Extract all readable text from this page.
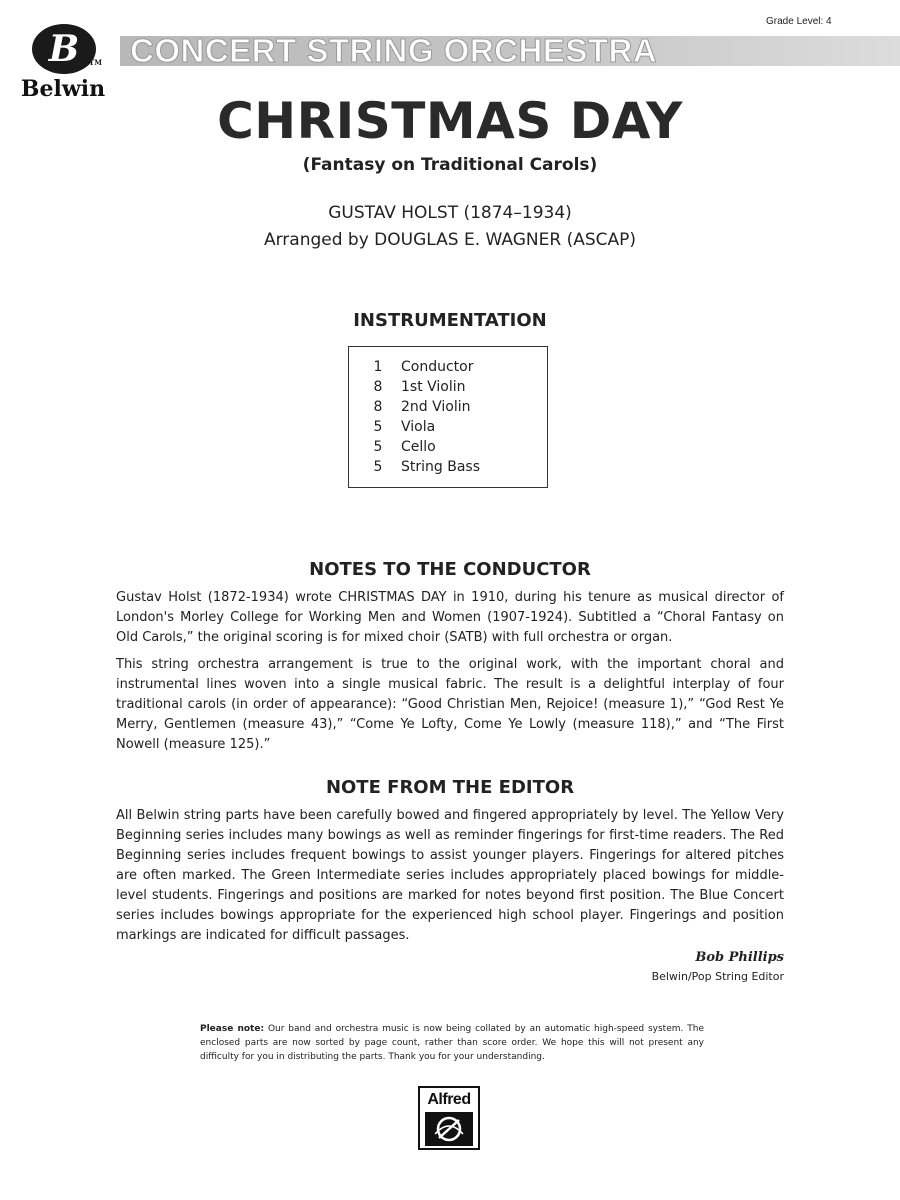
B TM
Belwin
CONCERT STRING ORCHESTRA
Grade Level: 4
CHRISTMAS DAY
(Fantasy on Traditional Carols)
GUSTAV HOLST (1874–1934)
Arranged by DOUGLAS E. WAGNER (ASCAP)
INSTRUMENTATION
1 Conductor
8 1st Violin
8 2nd Violin
5 Viola
5 Cello
5 String Bass
NOTES TO THE CONDUCTOR
Gustav Holst (1872-1934) wrote CHRISTMAS DAY in 1910, during his tenure as musical director of London's Morley College for Working Men and Women (1907-1924). Subtitled a “Choral Fantasy on Old Carols,” the original scoring is for mixed choir (SATB) with full orchestra or organ.
This string orchestra arrangement is true to the original work, with the important choral and instrumental lines woven into a single musical fabric. The result is a delightful interplay of four traditional carols (in order of appearance): “Good Christian Men, Rejoice! (measure 1),” “God Rest Ye Merry, Gentlemen (measure 43),” “Come Ye Lofty, Come Ye Lowly (measure 118),” and “The First Nowell (measure 125).”
NOTE FROM THE EDITOR
All Belwin string parts have been carefully bowed and fingered appropriately by level. The Yellow Very Beginning series includes many bowings as well as reminder fingerings for first-time readers. The Red Beginning series includes frequent bowings to assist younger players. Fingerings for altered pitches are often marked. The Green Intermediate series includes appropriately placed bowings for middle-level students. Fingerings and positions are marked for notes beyond first position. The Blue Concert series includes bowings appropriate for the experienced high school player. Fingerings and position markings are indicated for difficult passages.
Bob Phillips
Belwin/Pop String Editor
Please note: Our band and orchestra music is now being collated by an automatic high-speed system. The enclosed parts are now sorted by page count, rather than score order. We hope this will not present any difficulty for you in distributing the parts. Thank you for your understanding.
Alfred
